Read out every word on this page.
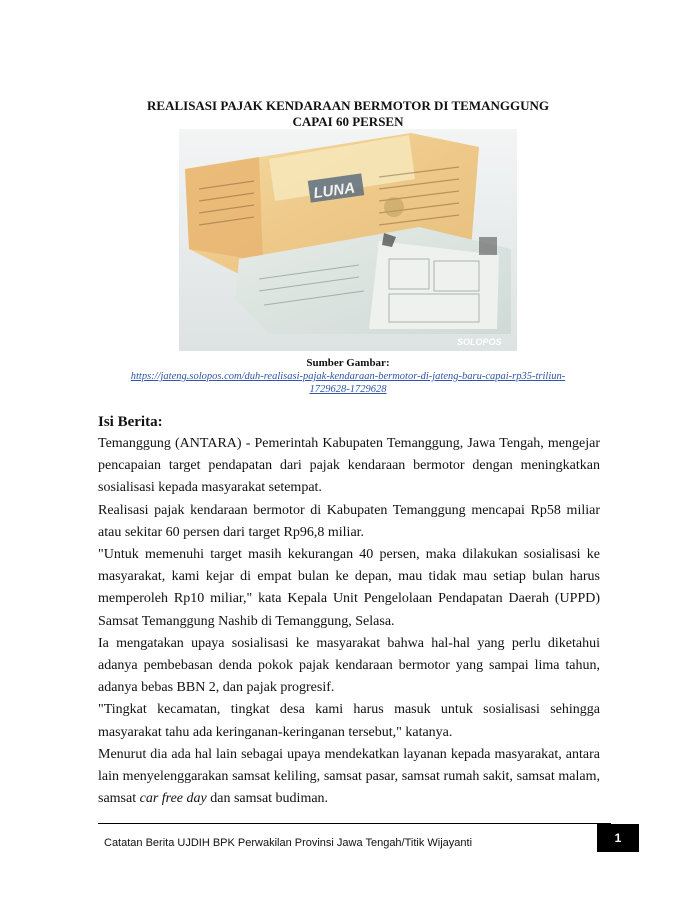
REALISASI PAJAK KENDARAAN BERMOTOR DI TEMANGGUNG
CAPAI 60 PERSEN
LUNA
SOLOPOS
Sumber Gambar:
https://jateng.solopos.com/duh-realisasi-pajak-kendaraan-bermotor-di-jateng-baru-capai-rp35-triliun-
1729628-1729628
Isi Berita:

Temanggung (ANTARA) - Pemerintah Kabupaten Temanggung, Jawa Tengah, mengejar pencapaian target pendapatan dari pajak kendaraan bermotor dengan meningkatkan sosialisasi kepada masyarakat setempat.

Realisasi pajak kendaraan bermotor di Kabupaten Temanggung mencapai Rp58 miliar atau sekitar 60 persen dari target Rp96,8 miliar.

"Untuk memenuhi target masih kekurangan 40 persen, maka dilakukan sosialisasi ke masyarakat, kami kejar di empat bulan ke depan, mau tidak mau setiap bulan harus memperoleh Rp10 miliar," kata Kepala Unit Pengelolaan Pendapatan Daerah (UPPD) Samsat Temanggung Nashib di Temanggung, Selasa.

Ia mengatakan upaya sosialisasi ke masyarakat bahwa hal-hal yang perlu diketahui adanya pembebasan denda pokok pajak kendaraan bermotor yang sampai lima tahun, adanya bebas BBN 2, dan pajak progresif.

"Tingkat kecamatan, tingkat desa kami harus masuk untuk sosialisasi sehingga masyarakat tahu ada keringanan-keringanan tersebut," katanya.

Menurut dia ada hal lain sebagai upaya mendekatkan layanan kepada masyarakat, antara lain menyelenggarakan samsat keliling, samsat pasar, samsat rumah sakit, samsat malam, samsat car free day dan samsat budiman.

Catatan Berita UJDIH BPK Perwakilan Provinsi Jawa Tengah/Titik Wijayanti	1
